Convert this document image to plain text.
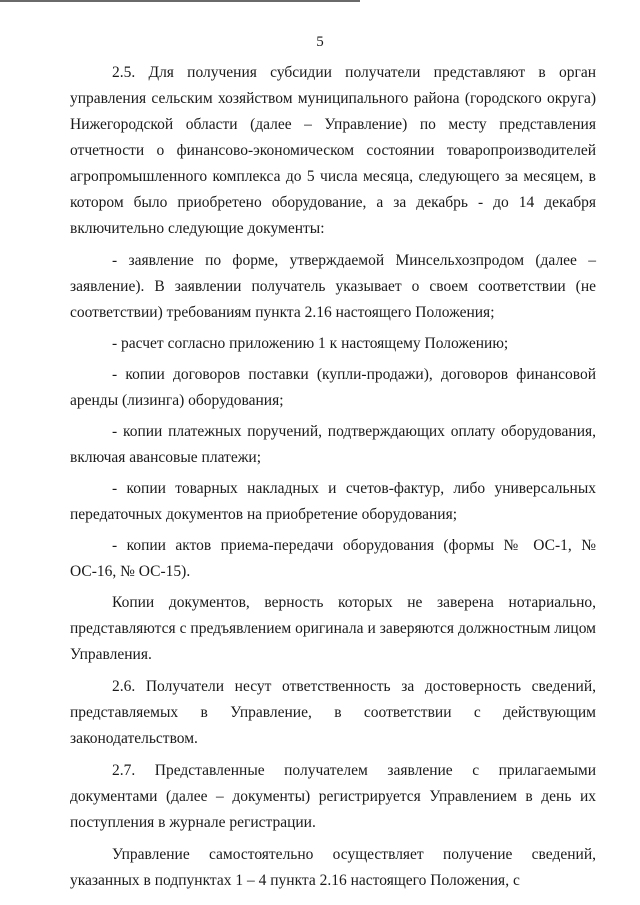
5

2.5. Для получения субсидии получатели представляют в орган управления сельским хозяйством муниципального района (городского округа) Нижегородской области (далее – Управление) по месту представления отчетности о финансово-экономическом состоянии товаропроизводителей агропромышленного комплекса до 5 числа месяца, следующего за месяцем, в котором было приобретено оборудование, а за декабрь - до 14 декабря включительно следующие документы:

- заявление по форме, утверждаемой Минсельхозпродом (далее – заявление). В заявлении получатель указывает о своем соответствии (не соответствии) требованиям пункта 2.16 настоящего Положения;
- расчет согласно приложению 1 к настоящему Положению;
- копии договоров поставки (купли-продажи), договоров финансовой аренды (лизинга) оборудования;
- копии платежных поручений, подтверждающих оплату оборудования, включая авансовые платежи;
- копии товарных накладных и счетов-фактур, либо универсальных передаточных документов на приобретение оборудования;
- копии актов приема-передачи оборудования (формы № ОС-1, № ОС-16, № ОС-15).

Копии документов, верность которых не заверена нотариально, представляются с предъявлением оригинала и заверяются должностным лицом Управления.

2.6. Получатели несут ответственность за достоверность сведений, представляемых в Управление, в соответствии с действующим законодательством.

2.7. Представленные получателем заявление с прилагаемыми документами (далее – документы) регистрируется Управлением в день их поступления в журнале регистрации.

Управление самостоятельно осуществляет получение сведений, указанных в подпунктах 1 – 4 пункта 2.16 настоящего Положения, с
